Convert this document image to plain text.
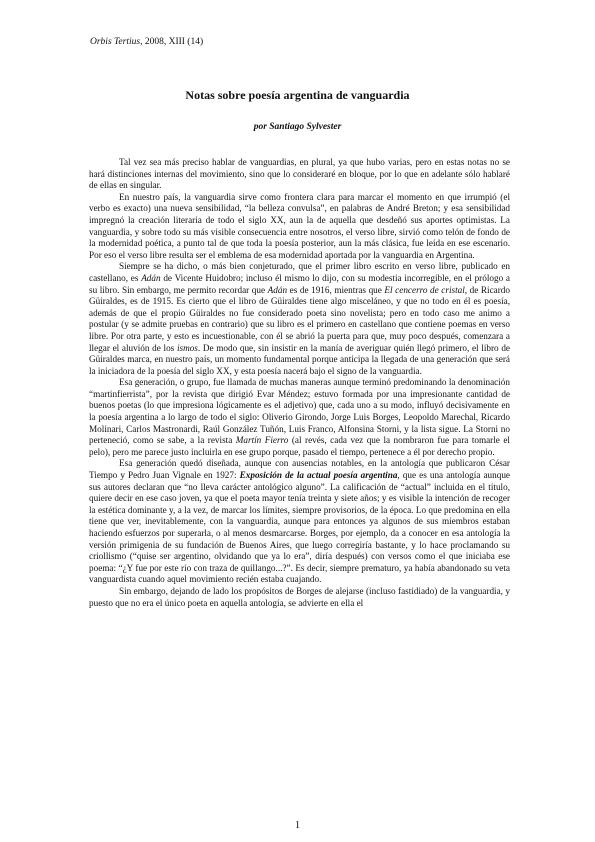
Orbis Tertius, 2008, XIII (14)
Notas sobre poesía argentina de vanguardia
por Santiago Sylvester

Tal vez sea más preciso hablar de vanguardias, en plural, ya que hubo varias, pero en estas notas no se hará distinciones internas del movimiento, sino que lo consideraré en bloque, por lo que en adelante sólo hablaré de ellas en singular.

En nuestro país, la vanguardia sirve como frontera clara para marcar el momento en que irrumpió (el verbo es exacto) una nueva sensibilidad, “la belleza convulsa”, en palabras de André Breton; y esa sensibilidad impregnó la creación literaria de todo el siglo XX, aun la de aquella que desdeñó sus aportes optimistas. La vanguardia, y sobre todo su más visible consecuencia entre nosotros, el verso libre, sirvió como telón de fondo de la modernidad poética, a punto tal de que toda la poesía posterior, aun la más clásica, fue leída en ese escenario. Por eso el verso libre resulta ser el emblema de esa modernidad aportada por la vanguardia en Argentina.

Siempre se ha dicho, o más bien conjeturado, que el primer libro escrito en verso libre, publicado en castellano, es Adán de Vicente Huidobro; incluso él mismo lo dijo, con su modestia incorregible, en el prólogo a su libro. Sin embargo, me permito recordar que Adán es de 1916, mientras que El cencerro de cristal, de Ricardo Güiraldes, es de 1915. Es cierto que el libro de Güiraldes tiene algo misceláneo, y que no todo en él es poesía, además de que el propio Güiraldes no fue considerado poeta sino novelista; pero en todo caso me animo a postular (y se admite pruebas en contrario) que su libro es el primero en castellano que contiene poemas en verso libre. Por otra parte, y esto es incuestionable, con él se abrió la puerta para que, muy poco después, comenzara a llegar el aluvión de los ismos. De modo que, sin insistir en la manía de averiguar quién llegó primero, el libro de Güiraldes marca, en nuestro país, un momento fundamental porque anticipa la llegada de una generación que será la iniciadora de la poesía del siglo XX, y esta poesía nacerá bajo el signo de la vanguardia.

Esa generación, o grupo, fue llamada de muchas maneras aunque terminó predominando la denominación “martinfierrista”, por la revista que dirigió Evar Méndez; estuvo formada por una impresionante cantidad de buenos poetas (lo que impresiona lógicamente es el adjetivo) que, cada uno a su modo, influyó decisivamente en la poesía argentina a lo largo de todo el siglo: Oliverio Girondo, Jorge Luis Borges, Leopoldo Marechal, Ricardo Molinari, Carlos Mastronardi, Raúl González Tuñón, Luis Franco, Alfonsina Storni, y la lista sigue. La Storni no perteneció, como se sabe, a la revista Martín Fierro (al revés, cada vez que la nombraron fue para tomarle el pelo), pero me parece justo incluirla en ese grupo porque, pasado el tiempo, pertenece a él por derecho propio.

Esa generación quedó diseñada, aunque con ausencias notables, en la antología que publicaron César Tiempo y Pedro Juan Vignale en 1927: Exposición de la actual poesía argentina, que es una antología aunque sus autores declaran que “no lleva carácter antológico alguno”. La calificación de “actual” incluida en el título, quiere decir en ese caso joven, ya que el poeta mayor tenía treinta y siete años; y es visible la intención de recoger la estética dominante y, a la vez, de marcar los límites, siempre provisorios, de la época. Lo que predomina en ella tiene que ver, inevitablemente, con la vanguardia, aunque para entonces ya algunos de sus miembros estaban haciendo esfuerzos por superarla, o al menos desmarcarse. Borges, por ejemplo, da a conocer en esa antología la versión primigenia de su fundación de Buenos Aires, que luego corregiría bastante, y lo hace proclamando su criollismo (“quise ser argentino, olvidando que ya lo era”, diría después) con versos como el que iniciaba ese poema: “¿Y fue por este río con traza de quillango...?”. Es decir, siempre prematuro, ya había abandonado su veta vanguardista cuando aquel movimiento recién estaba cuajando.

Sin embargo, dejando de lado los propósitos de Borges de alejarse (incluso fastidiado) de la vanguardia, y puesto que no era el único poeta en aquella antología, se advierte en ella el

1
